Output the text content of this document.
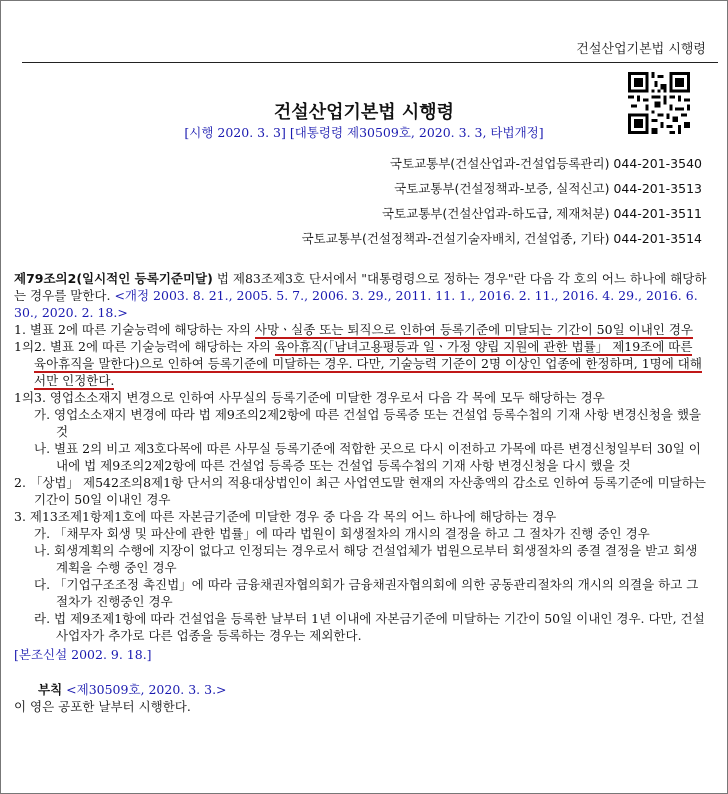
건설산업기본법 시행령
건설산업기본법 시행령
[시행 2020. 3. 3] [대통령령 제30509호, 2020. 3. 3, 타법개정]
국토교통부(건설산업과-건설업등록관리) 044-201-3540
국토교통부(건설정책과-보증, 실적신고) 044-201-3513
국토교통부(건설산업과-하도급, 제재처분) 044-201-3511
국토교통부(건설정책과-건설기술자배치, 건설업종, 기타) 044-201-3514

제79조의2(일시적인 등록기준미달) 법 제83조제3호 단서에서 "대통령령으로 정하는 경우"란 다음 각 호의 어느 하나에 해당하는 경우를 말한다. <개정 2003. 8. 21., 2005. 5. 7., 2006. 3. 29., 2011. 11. 1., 2016. 2. 11., 2016. 4. 29., 2016. 6. 30., 2020. 2. 18.>

1. 별표 2에 따른 기술능력에 해당하는 자의 사망ㆍ실종 또는 퇴직으로 인하여 등록기준에 미달되는 기간이 50일 이내인 경우

1의2. 별표 2에 따른 기술능력에 해당하는 자의 육아휴직(「남녀고용평등과 일ㆍ가정 양립 지원에 관한 법률」 제19조에 따른 육아휴직을 말한다)으로 인하여 등록기준에 미달하는 경우. 다만, 기술능력 기준이 2명 이상인 업종에 한정하며, 1명에 대해서만 인정한다.

1의3. 영업소소재지 변경으로 인하여 사무실의 등록기준에 미달한 경우로서 다음 각 목에 모두 해당하는 경우

가. 영업소소재지 변경에 따라 법 제9조의2제2항에 따른 건설업 등록증 또는 건설업 등록수첩의 기재 사항 변경신청을 했을 것

나. 별표 2의 비고 제3호다목에 따른 사무실 등록기준에 적합한 곳으로 다시 이전하고 가목에 따른 변경신청일부터 30일 이내에 법 제9조의2제2항에 따른 건설업 등록증 또는 건설업 등록수첩의 기재 사항 변경신청을 다시 했을 것

2. 「상법」 제542조의8제1항 단서의 적용대상법인이 최근 사업연도말 현재의 자산총액의 감소로 인하여 등록기준에 미달하는 기간이 50일 이내인 경우

3. 제13조제1항제1호에 따른 자본금기준에 미달한 경우 중 다음 각 목의 어느 하나에 해당하는 경우

가. 「채무자 회생 및 파산에 관한 법률」에 따라 법원이 회생절차의 개시의 결정을 하고 그 절차가 진행 중인 경우

나. 회생계획의 수행에 지장이 없다고 인정되는 경우로서 해당 건설업체가 법원으로부터 회생절차의 종결 결정을 받고 회생계획을 수행 중인 경우

다. 「기업구조조정 촉진법」에 따라 금융채권자협의회가 금융채권자협의회에 의한 공동관리절차의 개시의 의결을 하고 그 절차가 진행중인 경우

라. 법 제9조제1항에 따라 건설업을 등록한 날부터 1년 이내에 자본금기준에 미달하는 기간이 50일 이내인 경우. 다만, 건설사업자가 추가로 다른 업종을 등록하는 경우는 제외한다.

[본조신설 2002. 9. 18.]

부칙 <제30509호, 2020. 3. 3.>
이 영은 공포한 날부터 시행한다.
